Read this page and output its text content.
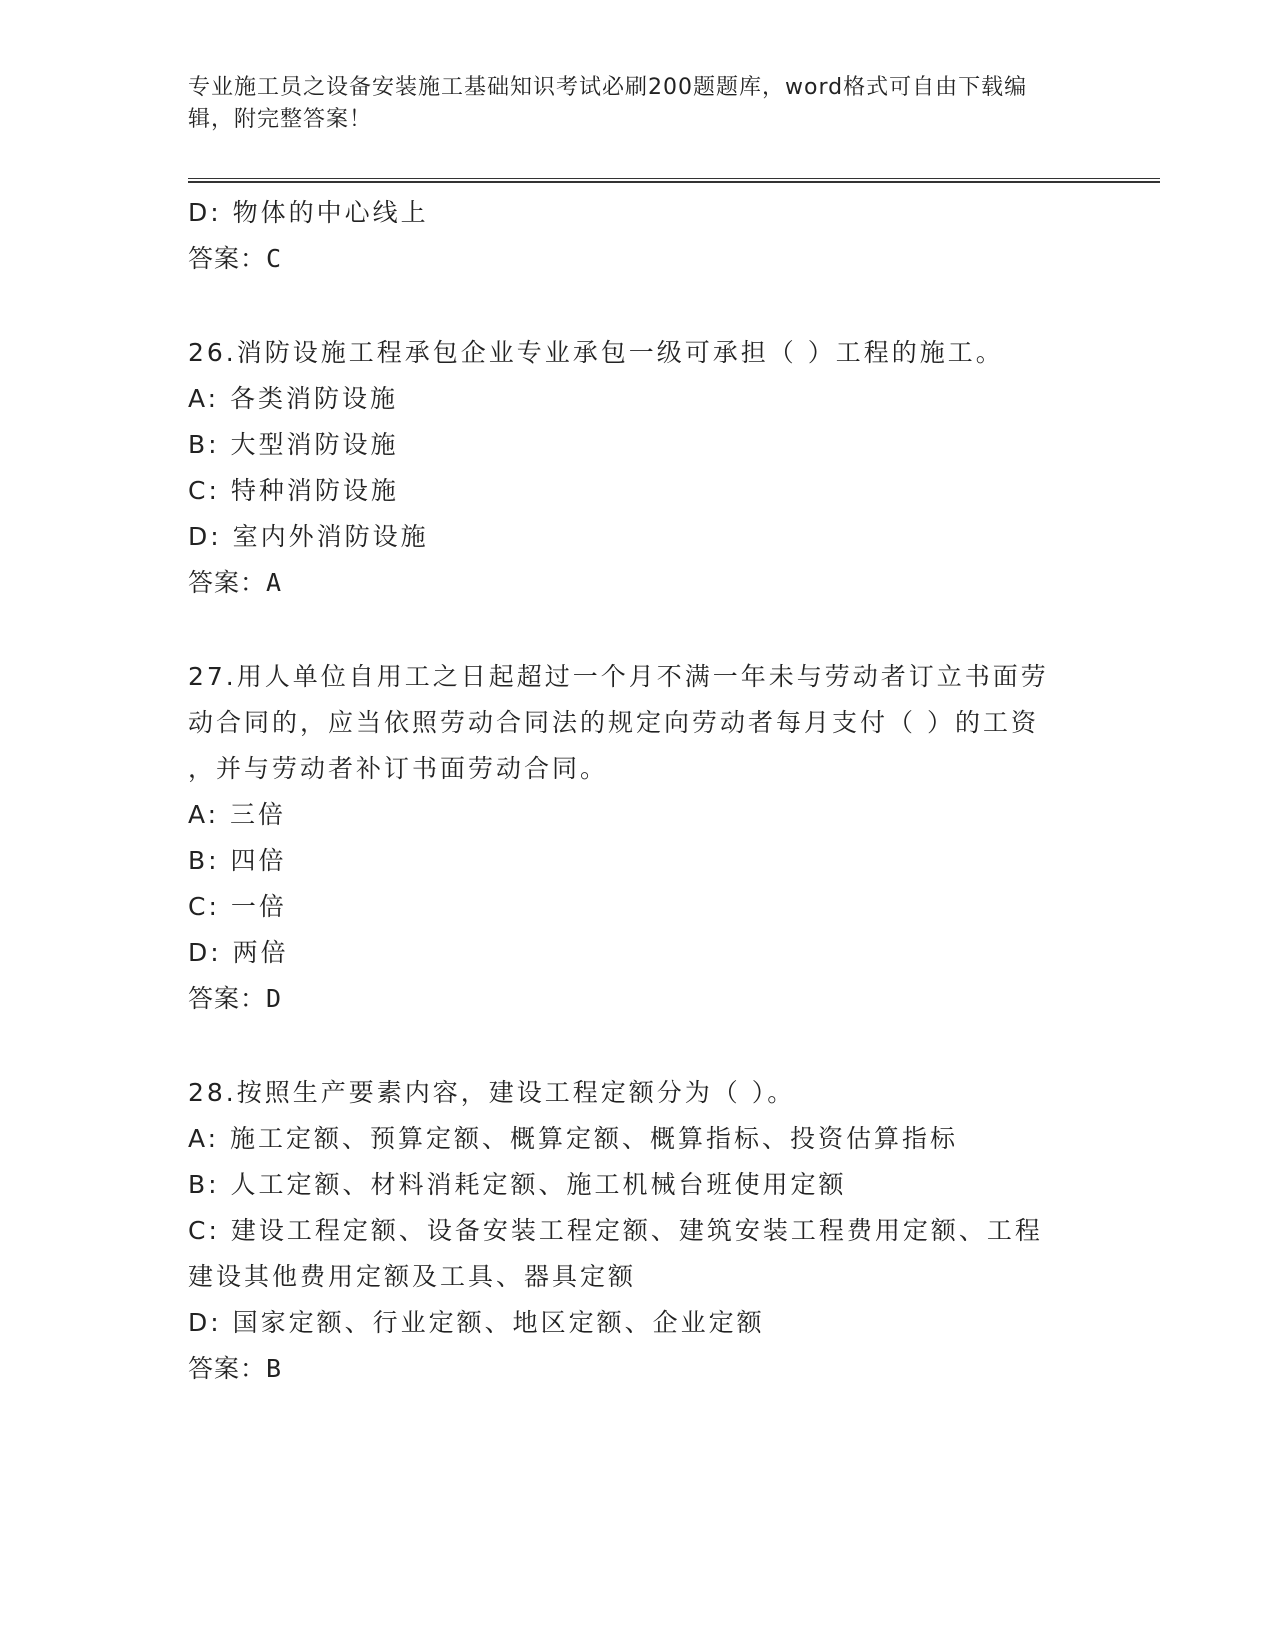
专业施工员之设备安装施工基础知识考试必刷200题题库，word格式可自由下载编辑，附完整答案！
D: 物体的中心线上
答案：C
26.消防设施工程承包企业专业承包一级可承担（ ）工程的施工。
A: 各类消防设施
B: 大型消防设施
C: 特种消防设施
D: 室内外消防设施
答案：A
27.用人单位自用工之日起超过一个月不满一年未与劳动者订立书面劳
动合同的，应当依照劳动合同法的规定向劳动者每月支付（ ）的工资
，并与劳动者补订书面劳动合同。
A: 三倍
B: 四倍
C: 一倍
D: 两倍
答案：D
28.按照生产要素内容，建设工程定额分为（ ）。
A: 施工定额、预算定额、概算定额、概算指标、投资估算指标
B: 人工定额、材料消耗定额、施工机械台班使用定额
C: 建设工程定额、设备安装工程定额、建筑安装工程费用定额、工程
建设其他费用定额及工具、器具定额
D: 国家定额、行业定额、地区定额、企业定额
答案：B
